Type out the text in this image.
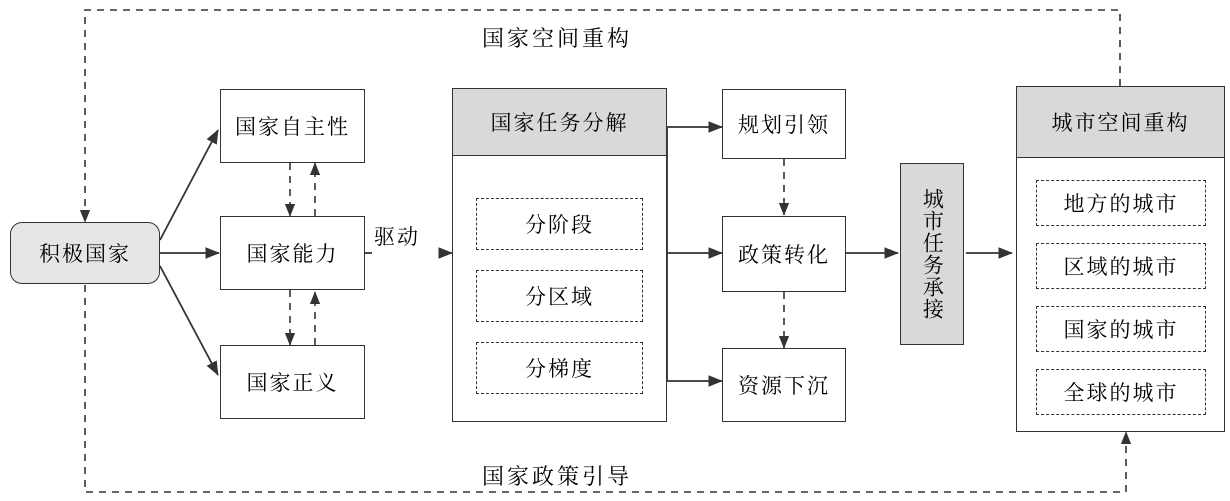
积极国家
国家自主性
国家能力
国家正义
驱动
国家任务分解
分阶段
分区域
分梯度
规划引领
政策转化
资源下沉
城市任务承接
城市空间重构
地方的城市
区域的城市
国家的城市
全球的城市
国家空间重构
国家政策引导
